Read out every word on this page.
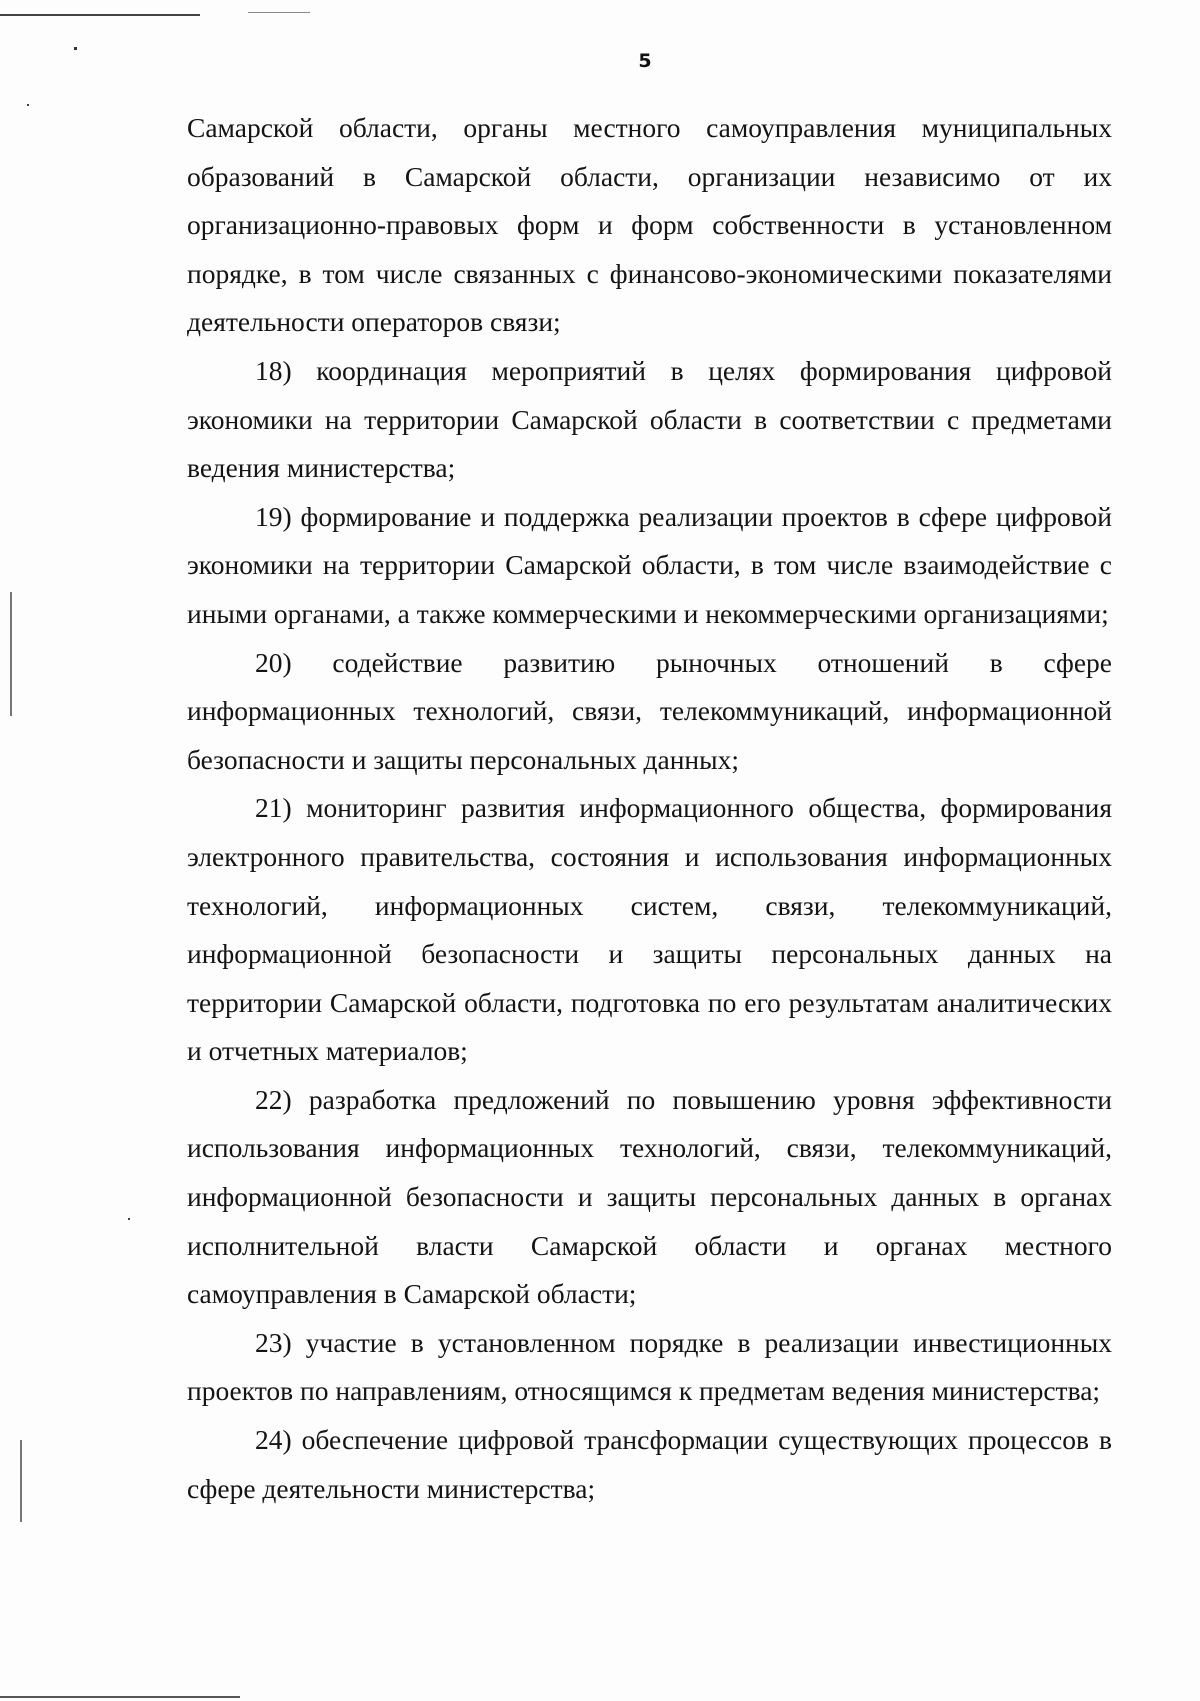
5

Самарской области, органы местного самоуправления муниципальных образований в Самарской области, организации независимо от их организационно-правовых форм и форм собственности в установленном порядке, в том числе связанных с финансово-экономическими показателями деятельности операторов связи;

18) координация мероприятий в целях формирования цифровой экономики на территории Самарской области в соответствии с предметами ведения министерства;

19) формирование и поддержка реализации проектов в сфере цифровой экономики на территории Самарской области, в том числе взаимодействие с иными органами, а также коммерческими и некоммерческими организациями;

20) содействие развитию рыночных отношений в сфере информационных технологий, связи, телекоммуникаций, информационной безопасности и защиты персональных данных;

21) мониторинг развития информационного общества, формирования электронного правительства, состояния и использования информационных технологий, информационных систем, связи, телекоммуникаций, информационной безопасности и защиты персональных данных на территории Самарской области, подготовка по его результатам аналитических и отчетных материалов;

22) разработка предложений по повышению уровня эффективности использования информационных технологий, связи, телекоммуникаций, информационной безопасности и защиты персональных данных в органах исполнительной власти Самарской области и органах местного самоуправления в Самарской области;

23) участие в установленном порядке в реализации инвестиционных проектов по направлениям, относящимся к предметам ведения министерства;

24) обеспечение цифровой трансформации существующих процессов в сфере деятельности министерства;
